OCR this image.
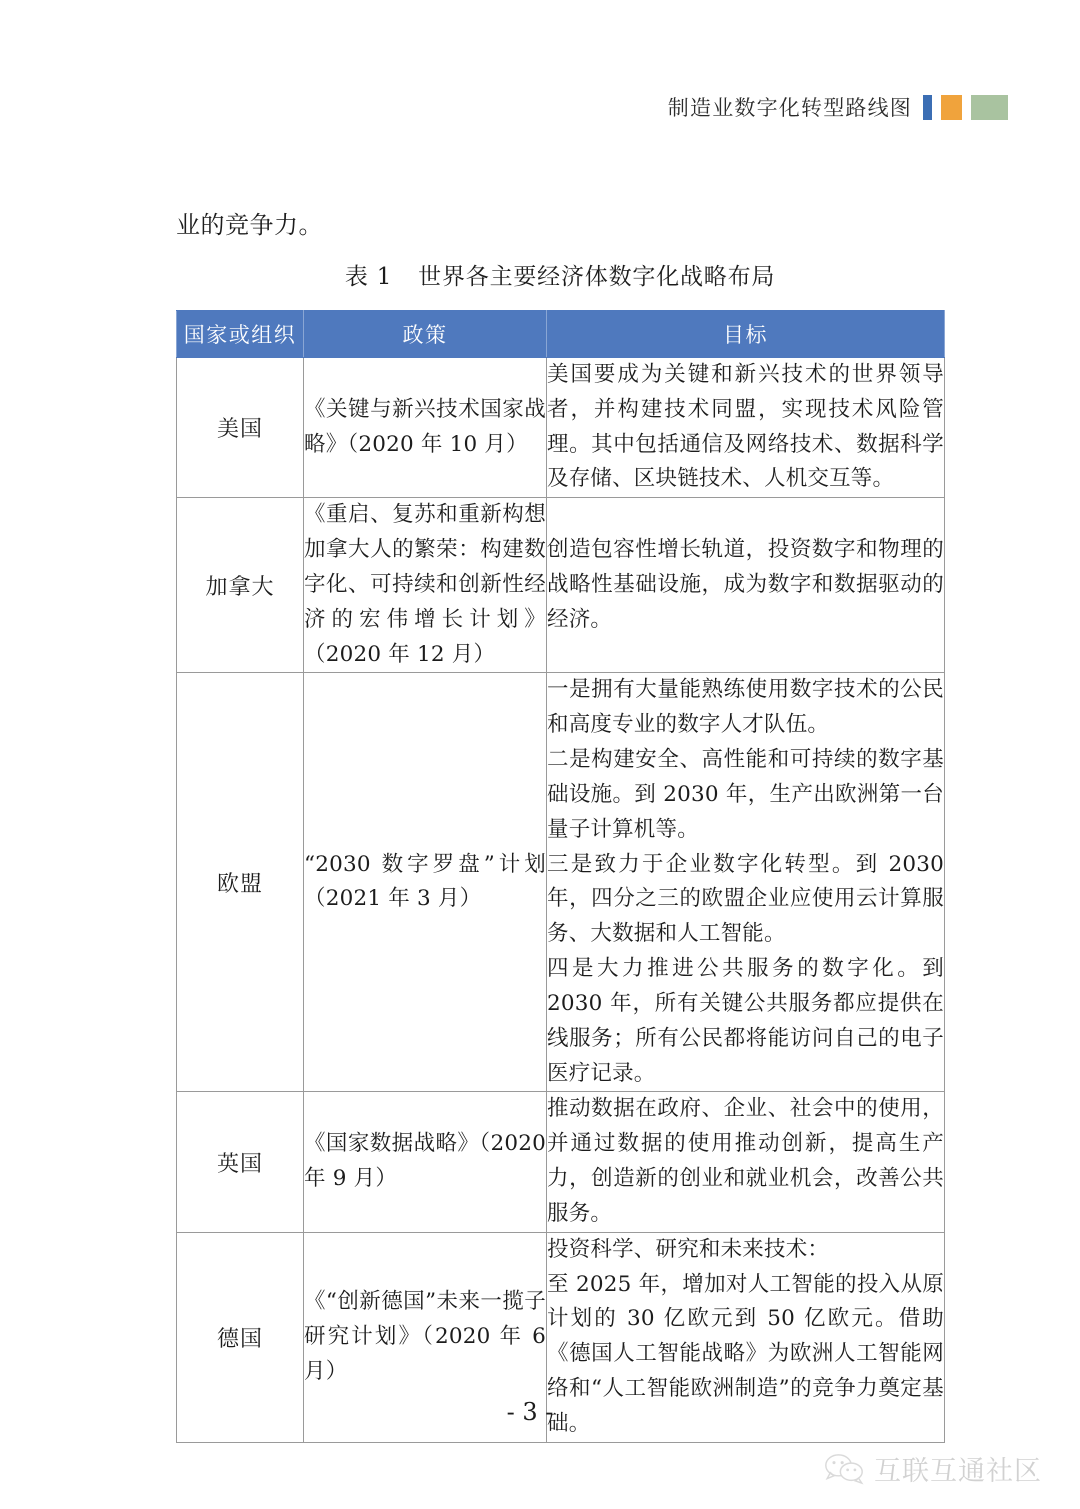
制造业数字化转型路线图
业的竞争力。
表 1 世界各主要经济体数字化战略布局
国家或组织	政策	目标
美国	《关键与新兴技术国家战略》（2020 年 10 月）	美国要成为关键和新兴技术的世界领导者，并构建技术同盟，实现技术风险管理。其中包括通信及网络技术、数据科学及存储、区块链技术、人机交互等。

加拿大	《重启、复苏和重新构想加拿大人的繁荣：构建数字化、可持续和创新性经济的宏伟增长计划》（2020 年 12 月）	创造包容性增长轨道，投资数字和物理的战略性基础设施，成为数字和数据驱动的经济。

欧盟	“2030 数字罗盘”计划（2021 年 3 月）	一是拥有大量能熟练使用数字技术的公民和高度专业的数字人才队伍。

二是构建安全、高性能和可持续的数字基础设施。到 2030 年，生产出欧洲第一台量子计算机等。

三是致力于企业数字化转型。到 2030 年，四分之三的欧盟企业应使用云计算服务、大数据和人工智能。

四是大力推进公共服务的数字化。到 2030 年，所有关键公共服务都应提供在线服务；所有公民都将能访问自己的电子医疗记录。

英国	《国家数据战略》（2020 年 9 月）	推动数据在政府、企业、社会中的使用，并通过数据的使用推动创新，提高生产力，创造新的创业和就业机会，改善公共服务。

德国	《“创新德国”未来一揽子研究计划》（2020 年 6 月）	投资科学、研究和未来技术：

至 2025 年，增加对人工智能的投入从原计划的 30 亿欧元到 50 亿欧元。借助《德国人工智能战略》为欧洲人工智能网络和“人工智能欧洲制造”的竞争力奠定基础。

- 3 -
互联互通社区
